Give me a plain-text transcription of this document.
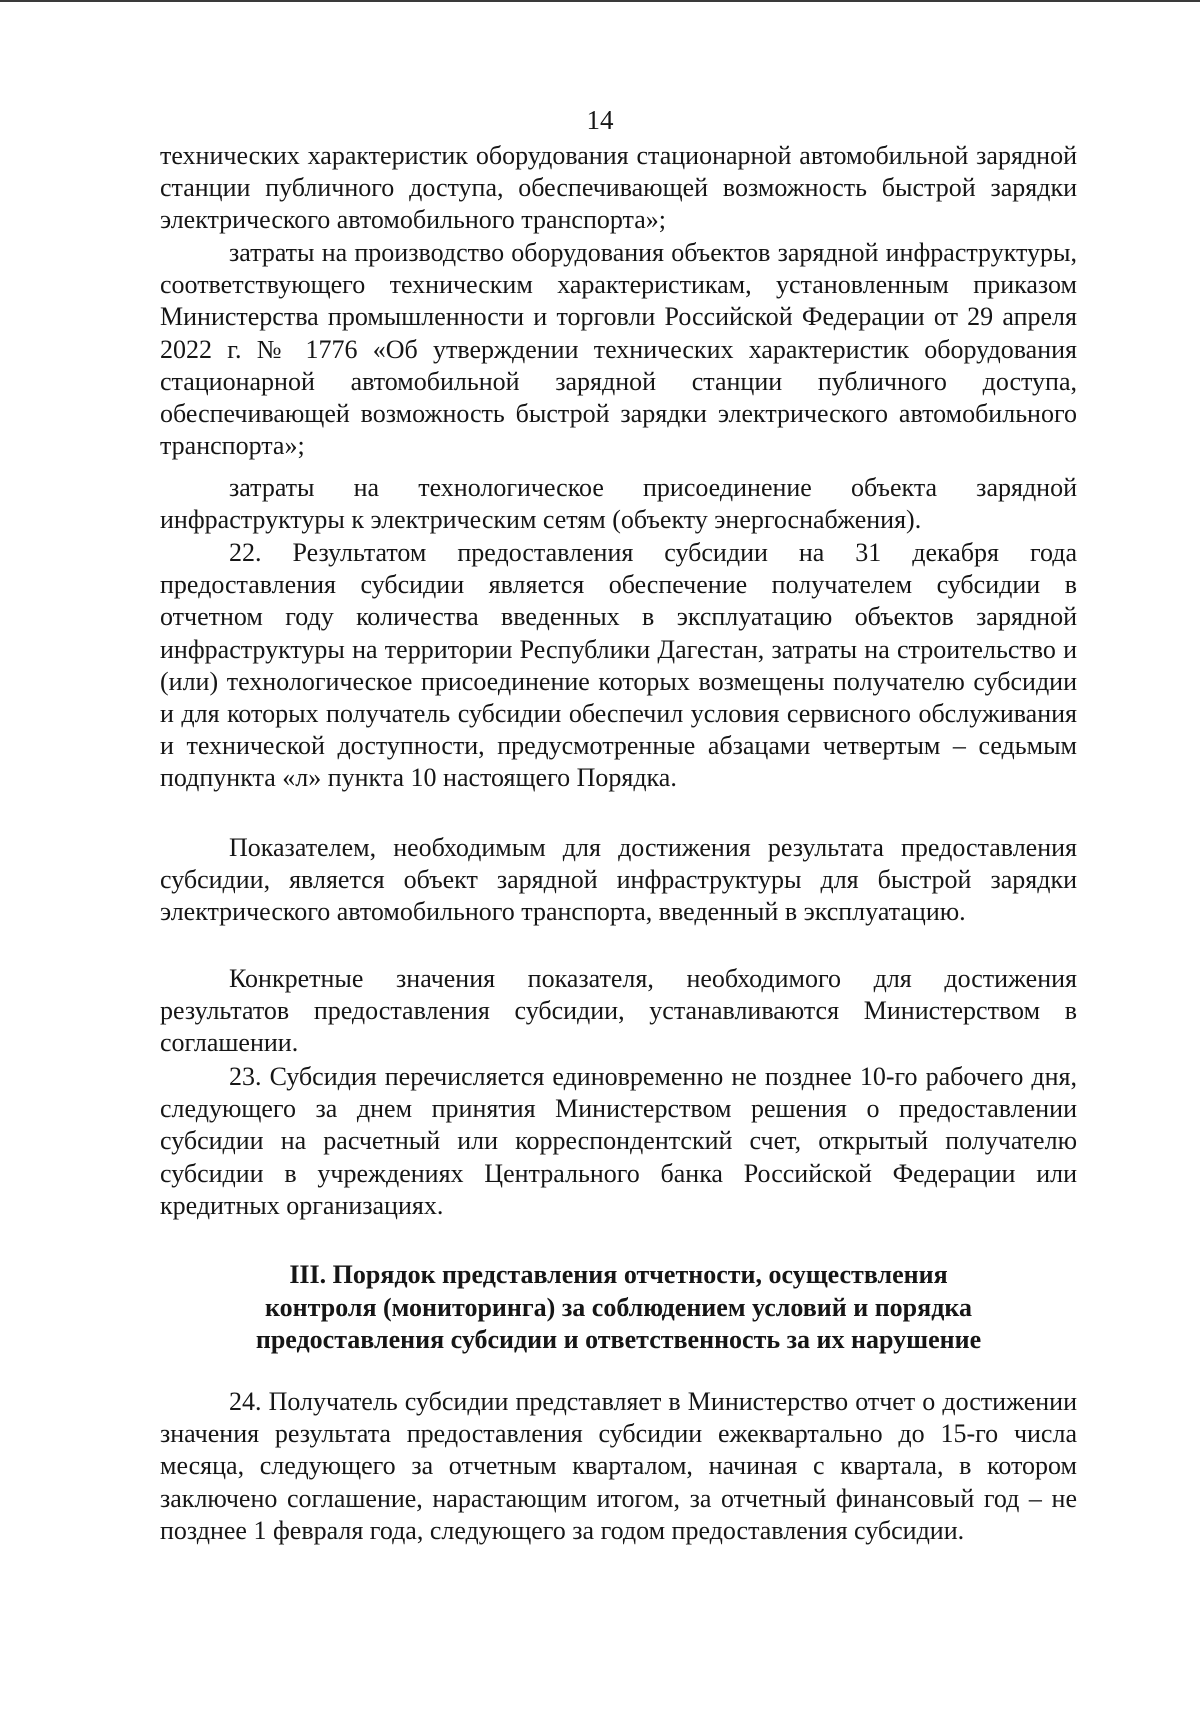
14

технических характеристик оборудования стационарной автомобильной зарядной станции публичного доступа, обеспечивающей возможность быстрой зарядки электрического автомобильного транспорта»;

затраты на производство оборудования объектов зарядной инфраструктуры, соответствующего техническим характеристикам, установленным приказом Министерства промышленности и торговли Российской Федерации от 29 апреля 2022 г. № 1776 «Об утверждении технических характеристик оборудования стационарной автомобильной зарядной станции публичного доступа, обеспечивающей возможность быстрой зарядки электрического автомобильного транспорта»;

затраты на технологическое присоединение объекта зарядной инфраструктуры к электрическим сетям (объекту энергоснабжения).

22. Результатом предоставления субсидии на 31 декабря года предоставления субсидии является обеспечение получателем субсидии в отчетном году количества введенных в эксплуатацию объектов зарядной инфраструктуры на территории Республики Дагестан, затраты на строительство и (или) технологическое присоединение которых возмещены получателю субсидии и для которых получатель субсидии обеспечил условия сервисного обслуживания и технической доступности, предусмотренные абзацами четвертым – седьмым подпункта «л» пункта 10 настоящего Порядка.

Показателем, необходимым для достижения результата предоставления субсидии, является объект зарядной инфраструктуры для быстрой зарядки электрического автомобильного транспорта, введенный в эксплуатацию.

Конкретные значения показателя, необходимого для достижения результатов предоставления субсидии, устанавливаются Министерством в соглашении.

23. Субсидия перечисляется единовременно не позднее 10-го рабочего дня, следующего за днем принятия Министерством решения о предоставлении субсидии на расчетный или корреспондентский счет, открытый получателю субсидии в учреждениях Центрального банка Российской Федерации или кредитных организациях.

III. Порядок представления отчетности, осуществления
контроля (мониторинга) за соблюдением условий и порядка
предоставления субсидии и ответственность за их нарушение

24. Получатель субсидии представляет в Министерство отчет о достижении значения результата предоставления субсидии ежеквартально до 15-го числа месяца, следующего за отчетным кварталом, начиная с квартала, в котором заключено соглашение, нарастающим итогом, за отчетный финансовый год – не позднее 1 февраля года, следующего за годом предоставления субсидии.
